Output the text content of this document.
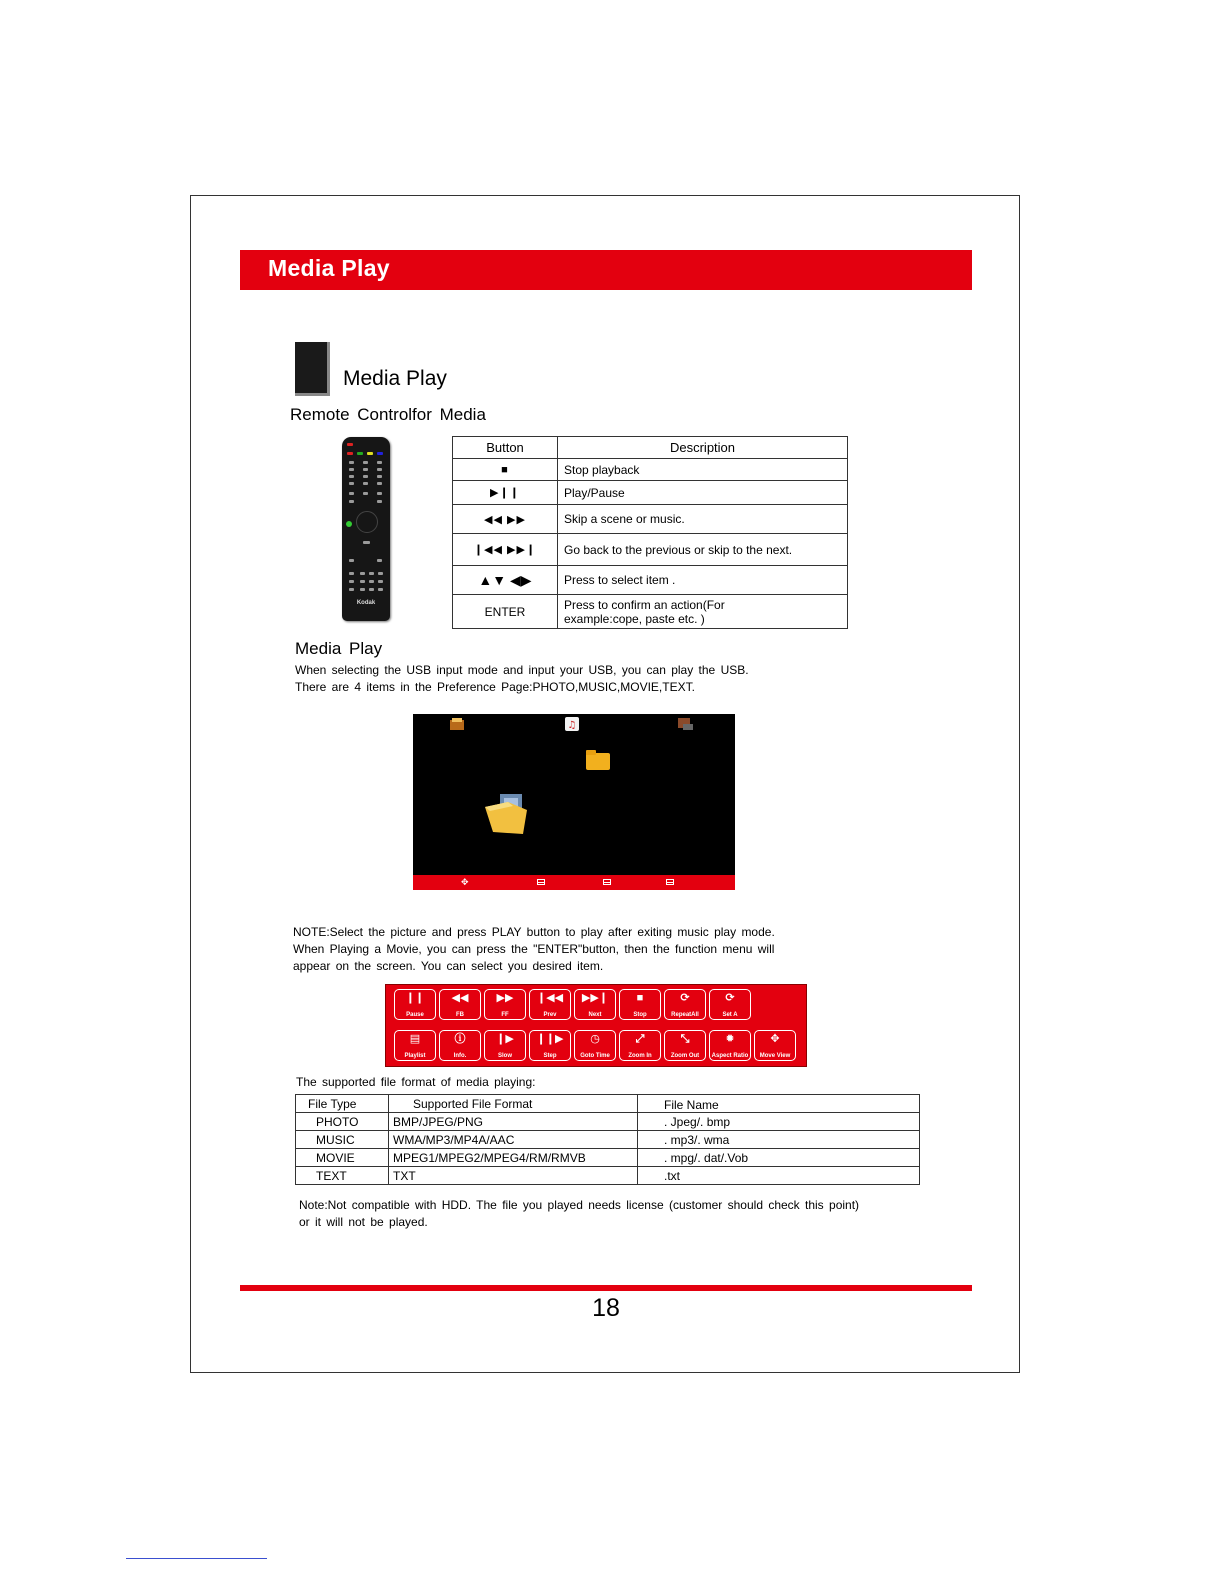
Media Play
Media Play
Remote Controlfor Media
Kodak
Button	Description
■	Stop playback
▶❙❙	Play/Pause
◀◀ ▶▶	Skip a scene or music.
❙◀◀ ▶▶❙	Go back to the previous or skip to the next.
▲▼ ◀▶	Press to select item .
ENTER	Press to confirm an action(For
example:cope, paste etc. )
Media Play
When selecting the USB input mode and input your USB, you can play the USB.
There are 4 items in the Preference Page:PHOTO,MUSIC,MOVIE,TEXT.
♫
✥
NOTE:Select the picture and press PLAY button to play after exiting music play mode.
When Playing a Movie, you can press the "ENTER"button, then the function menu will
appear on the screen. You can select you desired item.
❙❙
Pause
◀◀
FB
▶▶
FF
❙◀◀
Prev
▶▶❙
Next
■
Stop
⟳
RepeatAll
⟳
Set A
▤
Playlist
ⓘ
Info.
❙▶
Slow
❙❙▶
Step
◷
Goto Time
⤢
Zoom In
⤡
Zoom Out
✹
Aspect Ratio
✥
Move View
The supported file format of media playing:
File Type	Supported File Format	File Name
PHOTO	BMP/JPEG/PNG	. Jpeg/. bmp
MUSIC	WMA/MP3/MP4A/AAC	. mp3/. wma
MOVIE	MPEG1/MPEG2/MPEG4/RM/RMVB	. mpg/. dat/.Vob
TEXT	TXT	.txt
Note:Not compatible with HDD. The file you played needs license (customer should check this point)
or it will not be played.
18
